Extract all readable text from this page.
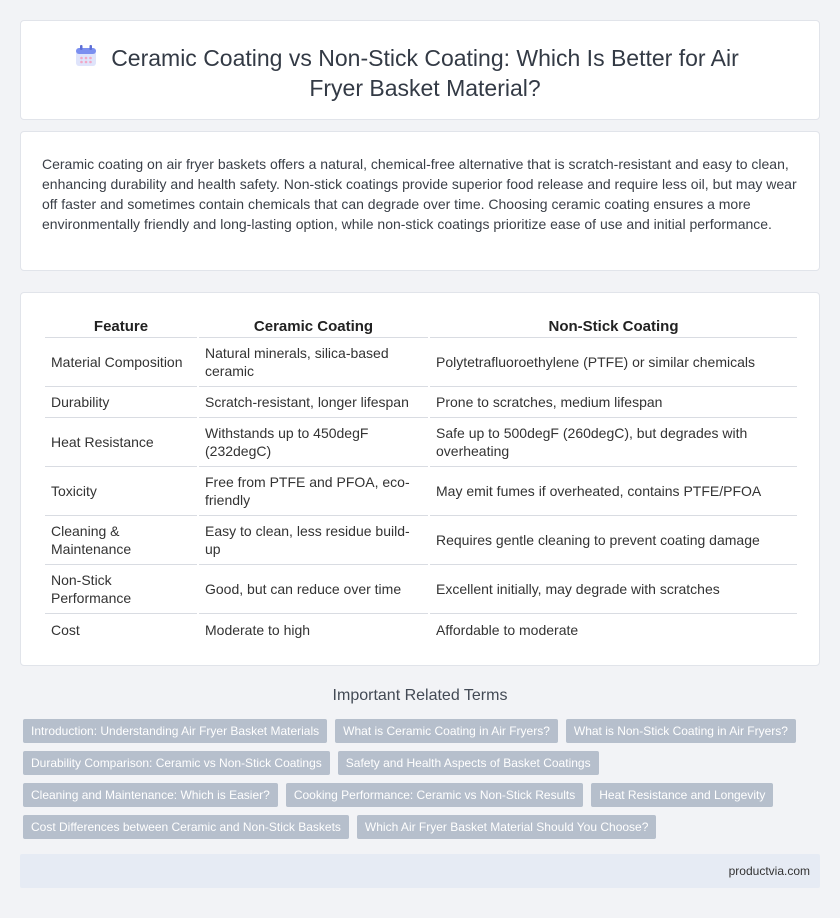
Ceramic Coating vs Non-Stick Coating: Which Is Better for Air Fryer Basket Material?

Ceramic coating on air fryer baskets offers a natural, chemical-free alternative that is scratch-resistant and easy to clean, enhancing durability and health safety. Non-stick coatings provide superior food release and require less oil, but may wear off faster and sometimes contain chemicals that can degrade over time. Choosing ceramic coating ensures a more environmentally friendly and long-lasting option, while non-stick coatings prioritize ease of use and initial performance.

Feature	Ceramic Coating	Non-Stick Coating
Material Composition	Natural minerals, silica-based ceramic	Polytetrafluoroethylene (PTFE) or similar chemicals
Durability	Scratch-resistant, longer lifespan	Prone to scratches, medium lifespan
Heat Resistance	Withstands up to 450degF (232degC)	Safe up to 500degF (260degC), but degrades with overheating
Toxicity	Free from PTFE and PFOA, eco-friendly	May emit fumes if overheated, contains PTFE/PFOA
Cleaning & Maintenance	Easy to clean, less residue build-up	Requires gentle cleaning to prevent coating damage
Non-Stick Performance	Good, but can reduce over time	Excellent initially, may degrade with scratches
Cost	Moderate to high	Affordable to moderate
Important Related Terms
Introduction: Understanding Air Fryer Basket Materials	What is Ceramic Coating in Air Fryers?	What is Non-Stick Coating in Air Fryers?
Durability Comparison: Ceramic vs Non-Stick Coatings	Safety and Health Aspects of Basket Coatings
Cleaning and Maintenance: Which is Easier?	Cooking Performance: Ceramic vs Non-Stick Results	Heat Resistance and Longevity
Cost Differences between Ceramic and Non-Stick Baskets	Which Air Fryer Basket Material Should You Choose?
productvia.com
